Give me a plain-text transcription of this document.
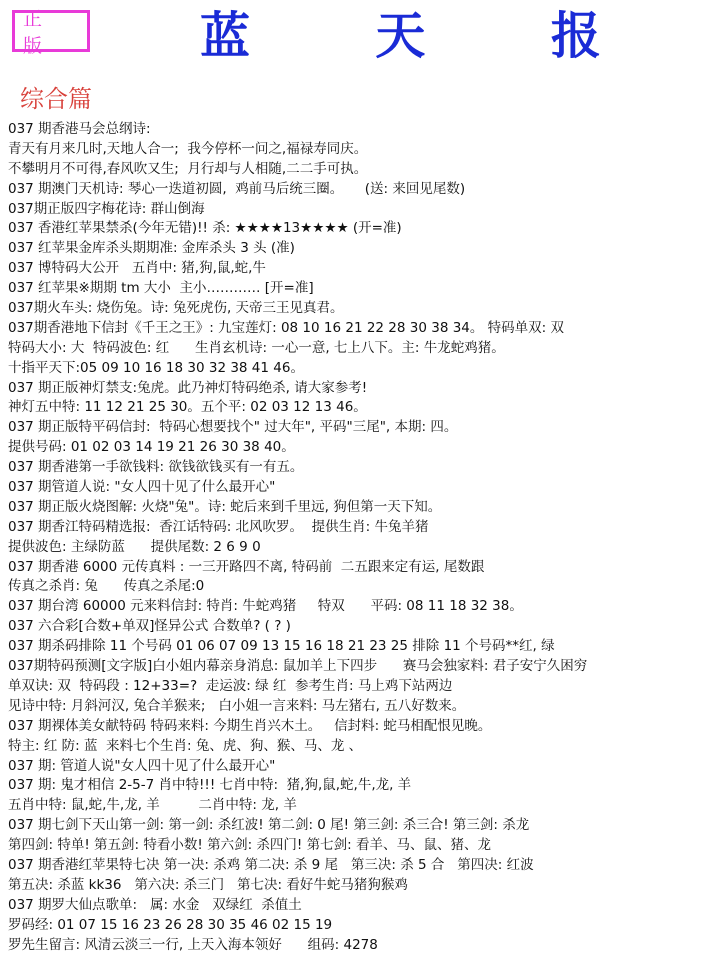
正 版	蓝 天 报
综合篇
037 期香港马会总纲诗:
青天有月来几时,天地人合一;  我今停杯一问之,福禄寿同庆。
不攀明月不可得,春风吹又生;  月行却与人相随,二二手可执。
037 期澳门天机诗: 琴心一迭道初圆,  鸡前马后统三圈。     (送: 来回见尾数)
037期正版四字梅花诗: 群山倒海
037 香港红苹果禁杀(今年无错)!! 杀: ★★★★13★★★★ (开=准)
037 红苹果金库杀头期期准: 金库杀头 3 头 (准)
037 博特码大公开   五肖中: 猪,狗,鼠,蛇,牛
037 红苹果※期期 tm 大小  主小………… [开=准]
037期火车头: 烧伤兔。诗: 兔死虎伤, 天帝三王见真君。
037期香港地下信封《千王之王》: 九宝莲灯: 08 10 16 21 22 28 30 38 34。 特码单双: 双
特码大小: 大  特码波色: 红      生肖玄机诗: 一心一意, 七上八下。主: 牛龙蛇鸡猪。
十指平天下:05 09 10 16 18 30 32 38 41 46。
037 期正版神灯禁支:兔虎。此乃神灯特码绝杀, 请大家参考!
神灯五中特: 11 12 21 25 30。五个平: 02 03 12 13 46。
037 期正版特平码信封:  特码心想要找个" 过大年", 平码"三尾", 本期: 四。
提供号码: 01 02 03 14 19 21 26 30 38 40。
037 期香港第一手欲钱料: 欲钱欲钱买有一有五。
037 期管道人说: "女人四十见了什么最开心"
037 期正版火烧图解: 火烧"兔"。诗: 蛇后来到千里远, 狗但第一天下知。
037 期香江特码精选报:  香江话特码: 北风吹罗。  提供生肖: 牛兔羊猪
提供波色: 主绿防蓝      提供尾数: 2 6 9 0
037 期香港 6000 元传真料 : 一三开路四不离, 特码前  二五跟来定有运, 尾数跟
传真之杀肖: 兔      传真之杀尾:0
037 期台湾 60000 元来料信封: 特肖: 牛蛇鸡猪     特双      平码: 08 11 18 32 38。
037 六合彩[合数+单双]怪异公式 合数单? ( ? )
037 期杀码排除 11 个号码 01 06 07 09 13 15 16 18 21 23 25 排除 11 个号码**红, 绿
037期特码预测[文字版]白小姐内幕亲身消息: 鼠加羊上下四步      赛马会独家料: 君子安宁久困穷
单双诀: 双  特码段 : 12+33=?  走运波: 绿 红  参考生肖: 马上鸡下站两边
见诗中特: 月斜河汉, 兔合羊猴来;   白小姐一言来料: 马左猪右, 五八好数来。
037 期裸体美女献特码 特码来料: 今期生肖兴木土。   信封料: 蛇马相配恨见晚。
特主: 红 防: 蓝  来料七个生肖: 兔、虎、狗、猴、马、龙 、
037 期: 管道人说"女人四十见了什么最开心"
037 期: 鬼才相信 2-5-7 肖中特!!! 七肖中特:  猪,狗,鼠,蛇,牛,龙, 羊
五肖中特: 鼠,蛇,牛,龙, 羊         二肖中特: 龙, 羊
037 期七剑下天山第一剑: 第一剑: 杀红波! 第二剑: 0 尾! 第三剑: 杀三合! 第三剑: 杀龙
第四剑: 特单! 第五剑: 特看小数! 第六剑: 杀四门! 第七剑: 看羊、马、鼠、猪、龙
037 期香港红苹果特七决 第一决: 杀鸡 第二决: 杀 9 尾   第三决: 杀 5 合   第四决: 红波
第五决: 杀蓝 kk36   第六决: 杀三门   第七决: 看好牛蛇马猪狗猴鸡
037 期罗大仙点歌单:   属: 水金   双绿红  杀值土
罗码经: 01 07 15 16 23 26 28 30 35 46 02 15 19
罗先生留言: 风清云淡三一行, 上天入海本领好      组码: 4278
